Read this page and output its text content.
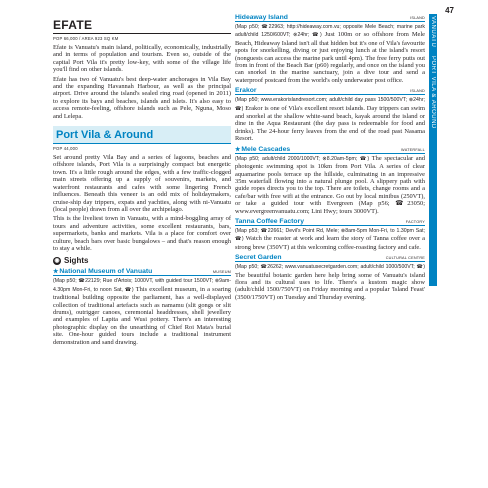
47
VANUATU    PORT VILA & AROUND
EFATE
POP 66,000 / AREA 923 SQ KM

Efate is Vanuatu's main island, politically, economically, industrially and in terms of population and tourism. Even so, outside of the capital Port Vila it's pretty low-key, with some of the village life you'll find on other islands.

Efate has two of Vanuatu's best deep-water anchorages in Vila Bay and the expanding Havannah Harbour, as well as the principal airport. Drive around the island's sealed ring road (opened in 2011) to explore its bays and beaches, islands and islets. It's also easy to access remote-feeling, offshore islands such as Pele, Nguna, Moso and Lelepa.

Port Vila & Around
POP 44,000

Set around pretty Vila Bay and a series of lagoons, beaches and offshore islands, Port Vila is a surprisingly compact but energetic town. It's a little rough around the edges, with a few traffic-clogged main streets offering up a supply of souvenirs, markets, and waterfront restaurants and cafes with some lingering French influences. Beneath this veneer is an odd mix of holidaymakers, cruise-ship day trippers, expats and yachties, along with ni-Vanuatu (local people) drawn from all over the archipelago.

This is the liveliest town in Vanuatu, with a mind-boggling array of tours and adventure activities, some excellent restaurants, bars, supermarkets, banks and markets. Vila is a place for comfort over culture, beach bars over basic bungalows – and that's reason enough to stay a while.

◉ Sights
★National Museum of Vanuatu	MUSEUM

(Map p50; ☎22129; Rue d'Artois; 1000VT, with guided tour 1500VT; ⊗9am-4.30pm Mon-Fri, to noon Sat, ☎) This excellent museum, in a soaring traditional building opposite the parliament, has a well-displayed collection of traditional artefacts such as namamu (slit gongs or slit drums), outrigger canoes, ceremonial headdresses, shell jewellery and examples of Lapita and Wusi pottery. There's an interesting photographic display on the unearthing of Chief Roi Mata's burial site. One-hour guided tours include a traditional instrument demonstration and sand drawing.

Hideaway Island	ISLAND

(Map p50; ☎22963; http://hideaway.com.vu; opposite Mele Beach; marine park adult/child 1250/600VT; ⊗24hr; ☎) Just 100m or so offshore from Mele Beach, Hideaway Island isn't all that hidden but it's one of Vila's favourite spots for snorkelling, diving or just enjoying lunch at the island's resort (nonguests can access the marine park until 4pm). The free ferry putts out from in front of the Beach Bar (p60) regularly, and once on the island you can snorkel in the marine sanctuary, join a dive tour and send a waterproof postcard from the world's only underwater post office.

Erakor	ISLAND

(Map p50; www.erakorislandresort.com; adult/child day pass 1500/500VT; ⊗24hr; ☎) Erakor is one of Vila's excellent resort islands. Day trippers can swim and snorkel at the shallow white-sand beach, kayak around the island or dine in the Aqua Restaurant (the day pass is redeemable for food and drinks). The 24-hour ferry leaves from the end of the road past Nasama Resort.

★Mele Cascades	WATERFALL

(Map p50; adult/child 2000/1000VT; ⊗8.20am-5pm; ☎) The spectacular and photogenic swimming spot is 10km from Port Vila. A series of clear aquamarine pools terrace up the hillside, culminating in an impressive 35m waterfall flowing into a natural plunge pool. A slippery path with guide ropes directs you to the top. There are toilets, change rooms and a cafe/bar with free wifi at the entrance. Go out by local minibus (250VT), or take a guided tour with Evergreen (Map p56; ☎23050; www.evergreenvanuatu.com; Lini Hwy; tours 3000VT).

Tanna Coffee Factory	FACTORY

(Map p53; ☎22661; Devil's Point Rd, Mele; ⊗8am-5pm Mon-Fri, to 1.30pm Sat; ☎) Watch the roaster at work and learn the story of Tanna coffee over a strong brew (350VT) at this welcoming coffee-roasting factory and cafe.

Secret Garden	CULTURAL CENTRE

(Map p50; ☎26262; www.vanuatusecretgarden.com; adult/child 1000/500VT; ☎) The beautiful botanic garden here help bring some of Vanuatu's island flora and its cultural uses to life. There's a kustom magic show (adult/child 1500/750VT) on Friday morning and a popular 'Island Feast' (3500/1750VT) on Tuesday and Thursday evening.
